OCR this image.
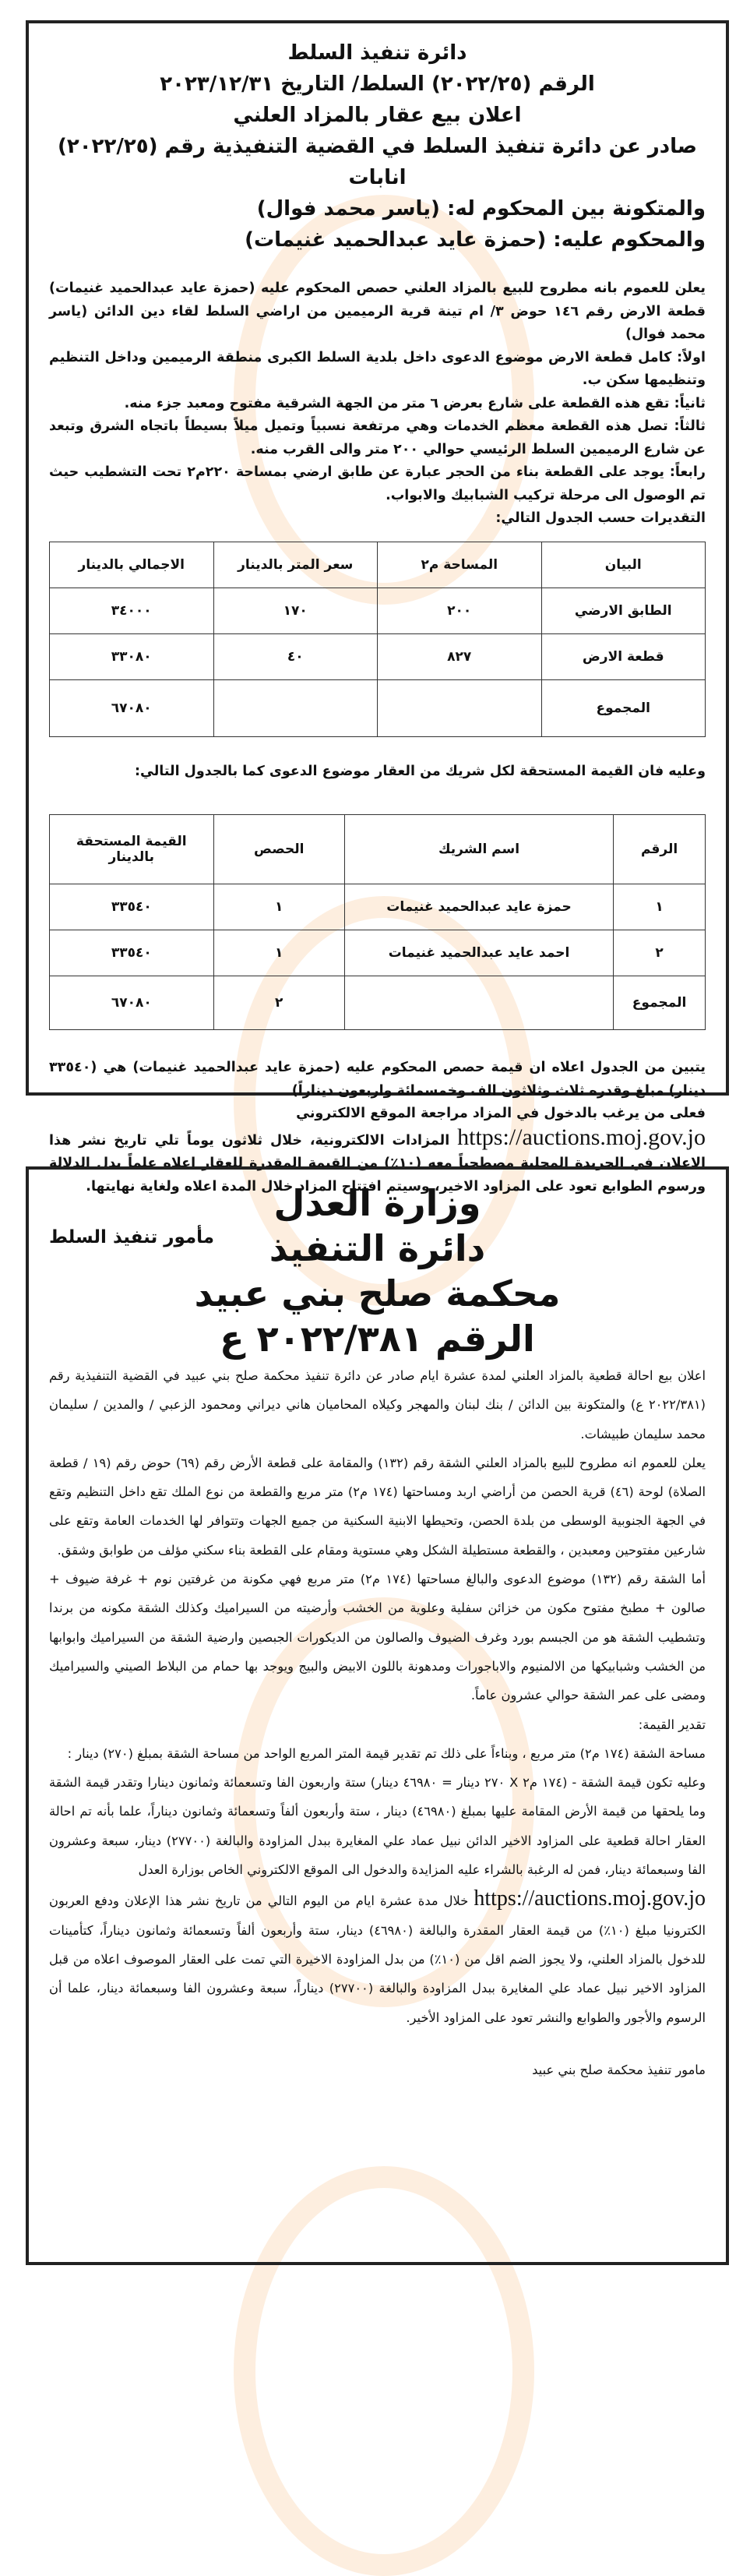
دائرة تنفيذ السلط
الرقم (٢٠٢٢/٢٥) السلط/ التاريخ ٢٠٢٣/١٢/٣١
اعلان بيع عقار بالمزاد العلني
صادر عن دائرة تنفيذ السلط في القضية التنفيذية رقم (٢٠٢٢/٢٥) انابات
والمتكونة بين المحكوم له: (ياسر محمد فوال)
والمحكوم عليه: (حمزة عايد عبدالحميد غنيمات)

يعلن للعموم بانه مطروح للبيع بالمزاد العلني حصص المحكوم عليه (حمزة عايد عبدالحميد غنيمات) قطعة الارض رقم ١٤٦ حوض ٣/ ام تينة قرية الرميمين من اراضي السلط لقاء دين الدائن (ياسر محمد فوال)

اولاً: كامل قطعة الارض موضوع الدعوى داخل بلدية السلط الكبرى منطقة الرميمين وداخل التنظيم وتنظيمها سكن ب.

ثانياً: تقع هذه القطعة على شارع بعرض ٦ متر من الجهة الشرقية مفتوح ومعبد جزء منه.

ثالثاً: تصل هذه القطعة معظم الخدمات وهي مرتفعة نسبياً وتميل ميلاً بسيطاً باتجاه الشرق وتبعد عن شارع الرميمين السلط الرئيسي حوالي ٢٠٠ متر والى القرب منه.

رابعاً: يوجد على القطعة بناء من الحجر عبارة عن طابق ارضي بمساحة ٢٢٠م٢ تحت التشطيب حيث تم الوصول الى مرحلة تركيب الشبابيك والابواب.

التقديرات حسب الجدول التالي:

البيان	المساحة م٢	سعر المتر بالدينار	الاجمالي بالدينار
الطابق الارضي	٢٠٠	١٧٠	٣٤٠٠٠
قطعة الارض	٨٢٧	٤٠	٣٣٠٨٠
المجموع			٦٧٠٨٠
وعليه فان القيمة المستحقة لكل شريك من العقار موضوع الدعوى كما بالجدول التالي:
الرقم	اسم الشريك	الحصص	القيمة المستحقة بالدينار
١	حمزة عايد عبدالحميد غنيمات	١	٣٣٥٤٠
٢	احمد عايد عبدالحميد غنيمات	١	٣٣٥٤٠
المجموع		٢	٦٧٠٨٠

يتبين من الجدول اعلاه ان قيمة حصص المحكوم عليه (حمزة عايد عبدالحميد غنيمات) هي (٣٣٥٤٠ دينار) مبلغ وقدره ثلاث وثلاثون الف وخمسمائة واربعون ديناراً)

فعلى من يرغب بالدخول في المزاد مراجعة الموقع الالكتروني

https://auctions.moj.gov.jo المزادات الالكترونية، خلال ثلاثون يوماً تلي تاريخ نشر هذا الاعلان في الجريدة المحلية مصطحباً معه (١٠٪) من القيمة المقدرة للعقار اعلاه علماً بدل الدلالة ورسوم الطوابع تعود على المزاود الاخير، وسيتم افتتاح المزاد خلال المدة اعلاه ولغاية نهايتها.

مأمور تنفيذ السلط
وزارة العدل
دائرة التنفيذ
محكمة صلح بني عبيد
الرقم ٢٠٢٢/٣٨١ ع

اعلان بيع احالة قطعية بالمزاد العلني لمدة عشرة ايام صادر عن دائرة تنفيذ محكمة صلح بني عبيد في القضية التنفيذية رقم (٢٠٢٢/٣٨١ ع) والمتكونة بين الدائن / بنك لبنان والمهجر وكيلاه المحاميان هاني ديراني ومحمود الزعبي / والمدين / سليمان محمد سليمان طبيشات.

يعلن للعموم انه مطروح للبيع بالمزاد العلني الشقة رقم (١٣٢) والمقامة على قطعة الأرض رقم (٦٩) حوض رقم (١٩ / قطعة الصلاة) لوحة (٤٦) قرية الحصن من أراضي اربد ومساحتها (١٧٤ م٢) متر مربع والقطعة من نوع الملك تقع داخل التنظيم وتقع في الجهة الجنوبية الوسطى من بلدة الحصن، وتحيطها الابنية السكنية من جميع الجهات وتتوافر لها الخدمات العامة وتقع على شارعين مفتوحين ومعبدين ، والقطعة مستطيلة الشكل وهي مستوية ومقام على القطعة بناء سكني مؤلف من طوابق وشقق.

أما الشقة رقم (١٣٢) موضوع الدعوى والبالغ مساحتها (١٧٤ م٢) متر مربع فهي مكونة من غرفتين نوم + غرفة ضيوف + صالون + مطبخ مفتوح مكون من خزائن سفلية وعلوية من الخشب وأرضيته من السيراميك وكذلك الشقة مكونه من برندا وتشطيب الشقة هو من الجبسم بورد وغرف الضيوف والصالون من الديكورات الجبصين وارضية الشقة من السيراميك وابوابها من الخشب وشبابيكها من الالمنيوم والاباجورات ومدهونة باللون الابيض والبيج ويوجد بها حمام من البلاط الصيني والسيراميك ومضى على عمر الشقة حوالي عشرون عاماً.

تقدير القيمة:

مساحة الشقة (١٧٤ م٢) متر مربع ، وبناءاً على ذلك تم تقدير قيمة المتر المربع الواحد من مساحة الشقة بمبلغ (٢٧٠) دينار :

وعليه تكون قيمة الشقة - (١٧٤ م٢ X ٢٧٠ دينار = ٤٦٩٨٠ دينار) ستة واربعون الفا وتسعمائة وثمانون دينارا وتقدر قيمة الشقة وما يلحقها من قيمة الأرض المقامة عليها بمبلغ (٤٦٩٨٠) دينار ، ستة وأربعون ألفاً وتسعمائة وثمانون ديناراً، علما بأنه تم احالة العقار احالة قطعية على المزاود الاخير الدائن نبيل عماد علي المغايرة ببدل المزاودة والبالغة (٢٧٧٠٠) دينار، سبعة وعشرون الفا وسبعمائة دينار، فمن له الرغبة بالشراء عليه المزايدة والدخول الى الموقع الالكتروني الخاص بوزارة العدل

https://auctions.moj.gov.jo خلال مدة عشرة ايام من اليوم التالي من تاريخ نشر هذا الإعلان ودفع العربون الكترونيا مبلغ (١٠٪) من قيمة العقار المقدرة والبالغة (٤٦٩٨٠) دينار، ستة وأربعون ألفاً وتسعمائة وثمانون ديناراً، كتأمينات للدخول بالمزاد العلني، ولا يجوز الضم اقل من (١٠٪) من بدل المزاودة الاخيرة التي تمت على العقار الموصوف اعلاه من قبل المزاود الاخير نبيل عماد علي المغايرة ببدل المزاودة والبالغة (٢٧٧٠٠) ديناراً، سبعة وعشرون الفا وسبعمائة دينار، علما أن الرسوم والأجور والطوابع والنشر تعود على المزاود الأخير.

مامور تنفيذ محكمة صلح بني عبيد
